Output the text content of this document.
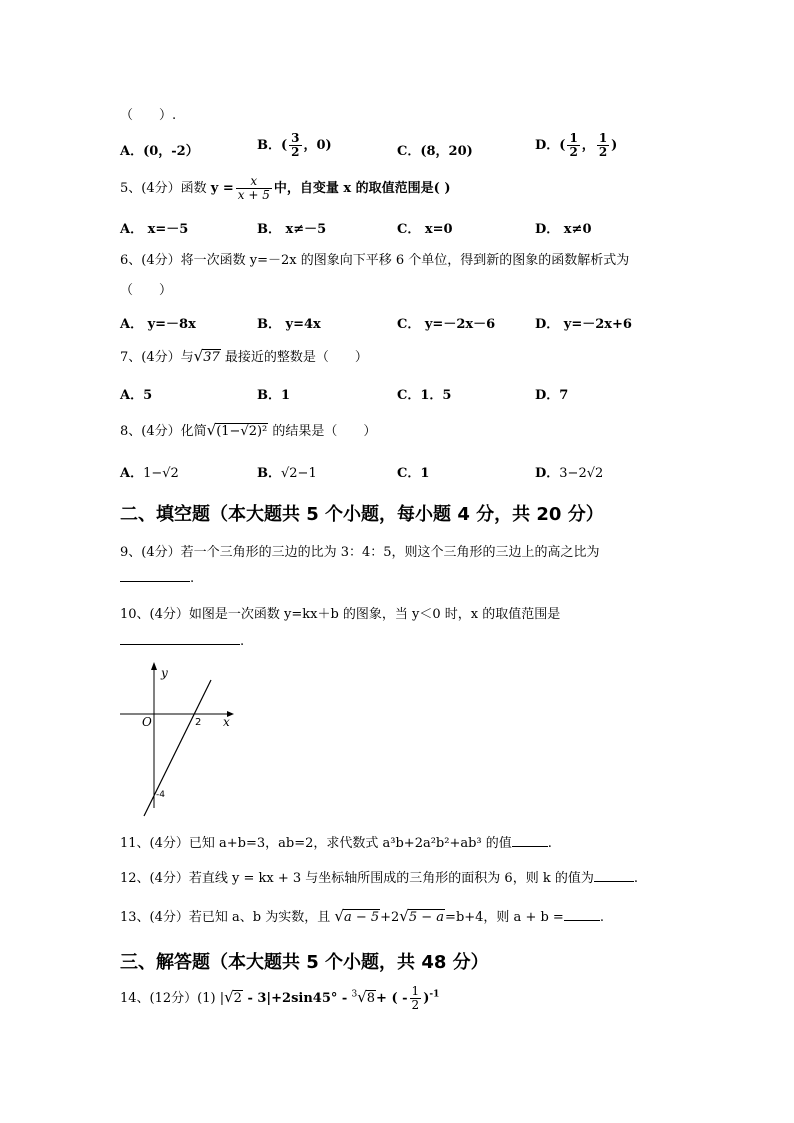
（　　）.
A．(0，-2）	B．( $\frac{3}{2}$ ，0)	C．(8，20)	D．( $\frac{1}{2}$ ， $\frac{1}{2}$ )
5、(4分）函数 $y = \frac{x}{x + 5}$ 中，自变量 x 的取值范围是( )
A． x=－5	B． x≠－5	C． x=0	D． x≠0
6、(4分）将一次函数 y=－2x 的图象向下平移 6 个单位，得到新的图象的函数解析式为
（　　）
A． y=－8x	B． y=4x	C． y=－2x－6	D． y=－2x+6
7、(4分）与√37 最接近的整数是（　　）
A．5	B．1	C．1．5	D．7
8、(4分）化简√(1−√2)² 的结果是（　　）
A．1−√2	B．√2−1	C．1	D．3−2√2
二、填空题（本大题共 5 个小题，每小题 4 分，共 20 分）
9、(4分）若一个三角形的三边的比为 3：4：5，则这个三角形的三边上的高之比为
.
10、(4分）如图是一次函数 y=kx＋b 的图象，当 y＜0 时，x 的取值范围是
.
y
x
O	2
-4
11、(4分）已知 a+b=3，ab=2，求代数式 a³b+2a²b²+ab³ 的值	.
12、(4分）若直线 y = kx + 3 与坐标轴所围成的三角形的面积为 6，则 k 的值为	.
13、(4分）若已知 a、b 为实数，且 √a − 5+2√5 − a=b+4，则 a + b =	.
三、解答题（本大题共 5 个小题，共 48 分）
14、(12分）(1) |√2 - 3|+2sin45° - $^3$√8+ ( - $\frac{1}{2} )^{-1}$
